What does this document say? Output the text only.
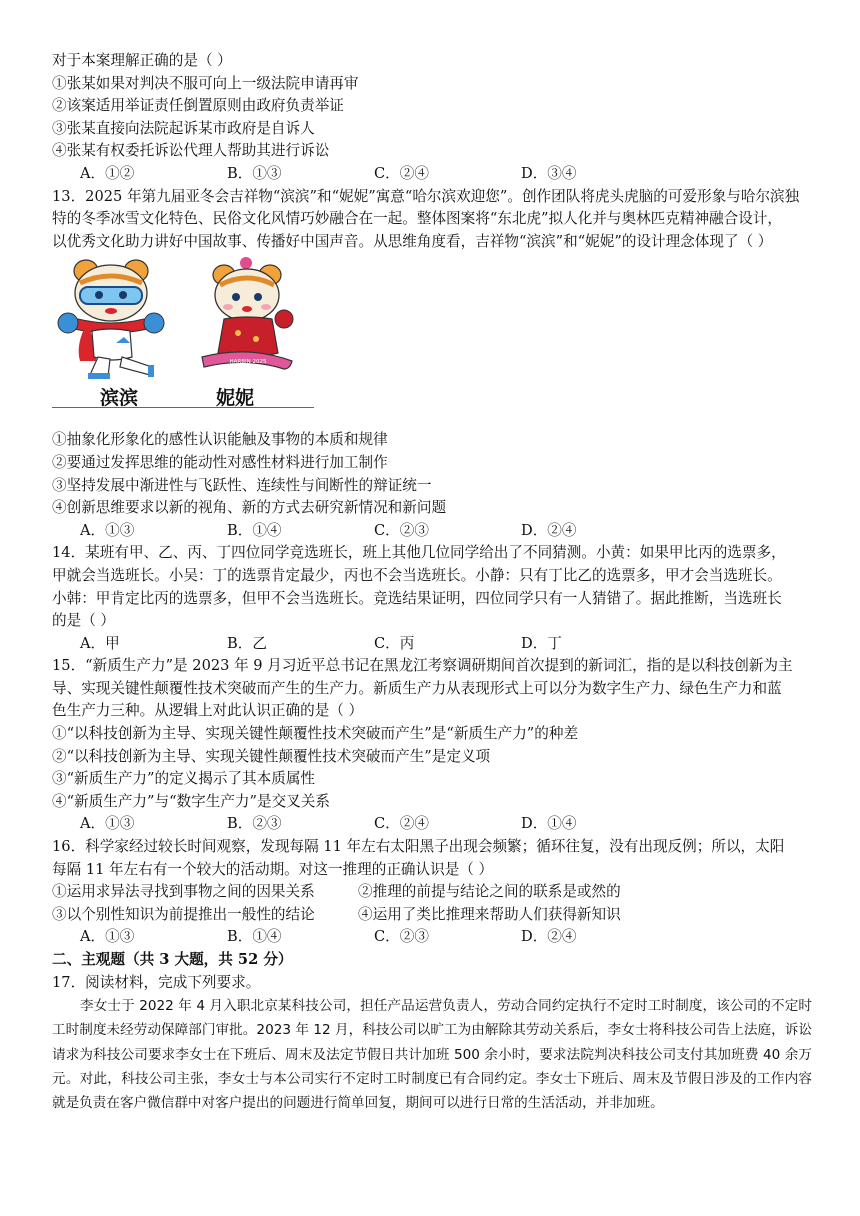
对于本案理解正确的是（ ）
①张某如果对判决不服可向上一级法院申请再审
②该案适用举证责任倒置原则由政府负责举证
③张某直接向法院起诉某市政府是自诉人
④张某有权委托诉讼代理人帮助其进行诉讼
A．①②	B．①③	C．②④	D．③④
13．2025 年第九届亚冬会吉祥物“滨滨”和“妮妮”寓意“哈尔滨欢迎您”。创作团队将虎头虎脑的可爱形象与哈尔滨独
特的冬季冰雪文化特色、民俗文化风情巧妙融合在一起。整体图案将“东北虎”拟人化并与奥林匹克精神融合设计，
以优秀文化助力讲好中国故事、传播好中国声音。从思维角度看，吉祥物“滨滨”和“妮妮”的设计理念体现了（ ）
HARBIN 2025
滨滨	妮妮
①抽象化形象化的感性认识能触及事物的本质和规律
②要通过发挥思维的能动性对感性材料进行加工制作
③坚持发展中渐进性与飞跃性、连续性与间断性的辩证统一
④创新思维要求以新的视角、新的方式去研究新情况和新问题
A．①③	B．①④	C．②③	D．②④
14．某班有甲、乙、丙、丁四位同学竞选班长，班上其他几位同学给出了不同猜测。小黄：如果甲比丙的选票多，
甲就会当选班长。小吴：丁的选票肯定最少，丙也不会当选班长。小静：只有丁比乙的选票多，甲才会当选班长。
小韩：甲肯定比丙的选票多，但甲不会当选班长。竞选结果证明，四位同学只有一人猜错了。据此推断，当选班长
的是（ ）
A．甲	B．乙	C．丙	D．丁
15．“新质生产力”是 2023 年 9 月习近平总书记在黑龙江考察调研期间首次提到的新词汇，指的是以科技创新为主
导、实现关键性颠覆性技术突破而产生的生产力。新质生产力从表现形式上可以分为数字生产力、绿色生产力和蓝
色生产力三种。从逻辑上对此认识正确的是（ ）
①“以科技创新为主导、实现关键性颠覆性技术突破而产生”是“新质生产力”的种差
②“以科技创新为主导、实现关键性颠覆性技术突破而产生”是定义项
③“新质生产力”的定义揭示了其本质属性
④“新质生产力”与“数字生产力”是交叉关系
A．①③	B．②③	C．②④	D．①④
16．科学家经过较长时间观察，发现每隔 11 年左右太阳黑子出现会频繁；循环往复，没有出现反例；所以，太阳
每隔 11 年左右有一个较大的活动期。对这一推理的正确认识是（ ）
①运用求异法寻找到事物之间的因果关系	②推理的前提与结论之间的联系是或然的
③以个别性知识为前提推出一般性的结论	④运用了类比推理来帮助人们获得新知识
A．①③	B．①④	C．②③	D．②④
二、主观题（共 3 大题，共 52 分）
17．阅读材料，完成下列要求。
李女士于 2022 年 4 月入职北京某科技公司，担任产品运营负责人，劳动合同约定执行不定时工时制度，该公司的不定时工时制度未经劳动保障部门审批。2023 年 12 月，科技公司以旷工为由解除其劳动关系后，李女士将科技公司告上法庭，诉讼请求为科技公司要求李女士在下班后、周末及法定节假日共计加班 500 余小时，要求法院判决科技公司支付其加班费 40 余万元。对此，科技公司主张，李女士与本公司实行不定时工时制度已有合同约定。李女士下班后、周末及节假日涉及的工作内容就是负责在客户微信群中对客户提出的问题进行简单回复，期间可以进行日常的生活活动，并非加班。
